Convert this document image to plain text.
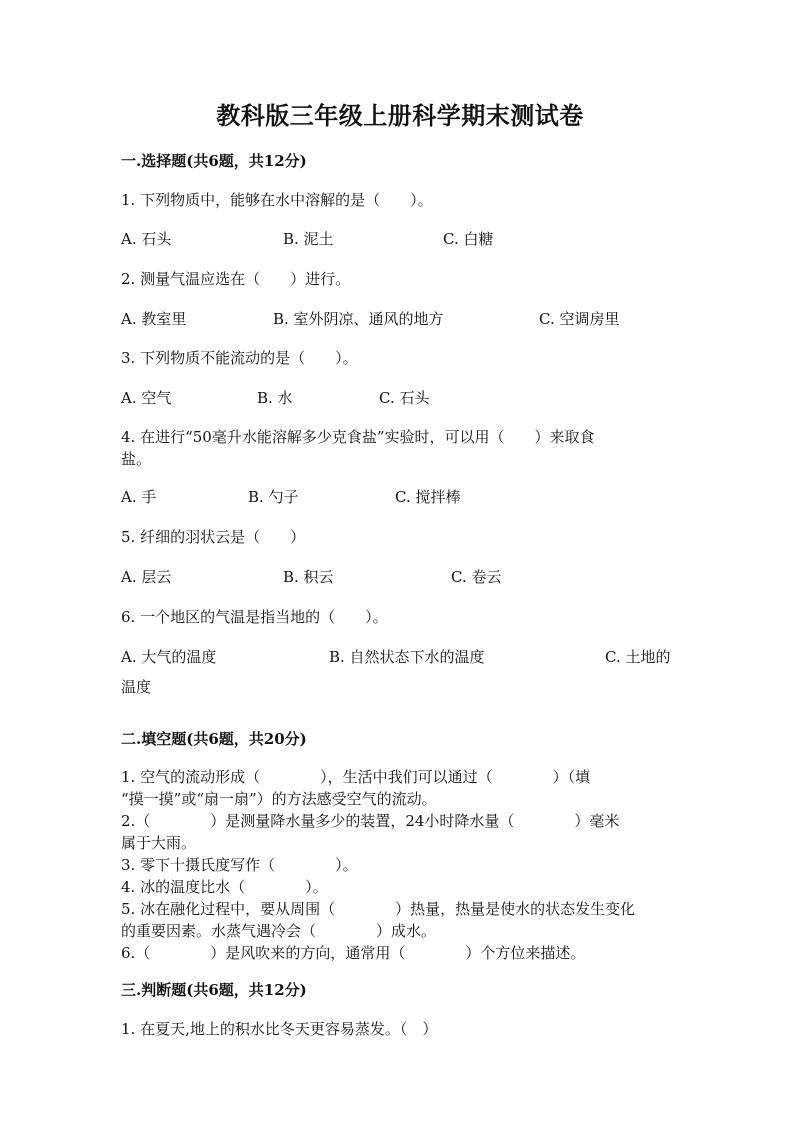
教科版三年级上册科学期末测试卷
一.选择题(共6题，共12分)
1. 下列物质中，能够在水中溶解的是（　　）。
A. 石头	B. 泥土	C. 白糖
2. 测量气温应选在（　　）进行。
A. 教室里	B. 室外阴凉、通风的地方	C. 空调房里
3. 下列物质不能流动的是（　　）。
A. 空气	B. 水	C. 石头
4. 在进行“50毫升水能溶解多少克食盐”实验时，可以用（　　）来取食
盐。
A. 手	B. 勺子	C. 搅拌棒
5. 纤细的羽状云是（　　）
A. 层云	B. 积云	C. 卷云
6. 一个地区的气温是指当地的（　　）。
A. 大气的温度	B. 自然状态下水的温度	C. 土地的
温度
二.填空题(共6题，共20分)
1. 空气的流动形成（　　　　），生活中我们可以通过（　　　　）（填
“摸一摸”或“扇一扇”）的方法感受空气的流动。
2.（　　　　）是测量降水量多少的装置，24小时降水量（　　　　）毫米
属于大雨。
3. 零下十摄氏度写作（　　　　）。
4. 冰的温度比水（　　　　）。
5. 冰在融化过程中，要从周围（　　　　）热量，热量是使水的状态发生变化
的重要因素。水蒸气遇冷会（　　　　）成水。
6.（　　　　）是风吹来的方向，通常用（　　　　）个方位来描述。
三.判断题(共6题，共12分)
1. 在夏天,地上的积水比冬天更容易蒸发。（　）
